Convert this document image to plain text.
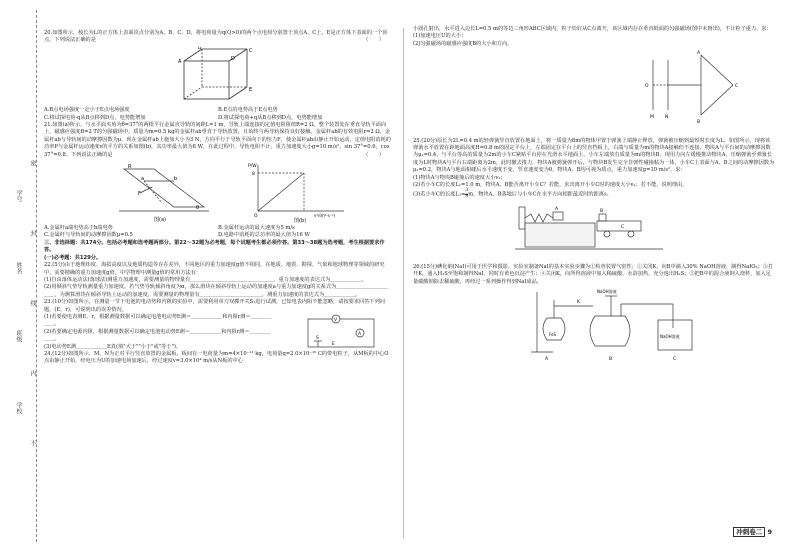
学号
姓名
班级
学校
密
封
线
内
不

20.如图所示，棱长为L的正方体上表面顶点分别为A、B、C、D，将电荷量为q(Q>0)的两个点电荷分别置于顶点A、C上，E是正方体下表面的一个顶点，下列说法正确的是	（　　）

A
B	C
D
E
A.B点电场强度一定小于E点电场强度	B.E点的电势高于E点电势
C.将试探电荷-q从B点移到D点，电势能增加	D.将试探电荷+q从B点移到D点，电势能增加

21.如图(a)所示，与水平面夹角为θ=37°的两根平行金属直导轨的间距L=1 m，导轨上端连接的定值电阻阻值R=2 Ω，整个装置处在垂直导轨平面向上、磁感应强度B=2 T的匀强磁场中。质量为m=0.5 kg的金属杆ab垂直于导轨放置，且始终与两导轨保持良好接触。金属杆ab的有效电阻r=2 Ω，金属杆ab与导轨间的动摩擦因数为μ，现在金属杆ab上施加大小为3 N，方向平行于导轨平面向下的恒力F，使金属杆ab由静止开始运动，定值电阻消耗的功率P与金属杆运动速度v的平方的关系如图(b)，其功率最大值为8 W，在此过程中，导轨电阻不计，重力加速度大小g=10 m/s²，sin 37°=0.6，cos 37°=0.8。下列说法正确的是	（　　）

F
a	b
R
θ
图(a)
P/W
8
O	v²/(m²·s⁻²)
图(b)
A.金属杆a端电势高于b端电势	B.金属杆运动的最大速度为5 m/s
C.金属杆与导轨间的动摩擦因数μ=0.5	D.电路中消耗的总功率的最大值为16 W

三、非选择题：共174分。包括必考题和选考题两部分。第22～32题为必考题，每个试题考生都必须作答。第33～38题为选考题，考生根据要求作答。

(一)必考题：共129分。

22.(5分)由于地理纬度、海拔高度以及地质构造等存在差异，不同地区的重力加速度g值不相同。在地质、地震、勘探、气象和地球物理等领域的研究中，需要精确的重力加速度g值，中学物理中测量g值的常用方法有：

(1)自由落体运动法(落球法)测重力加速度，需要测量的物理量有＿＿＿＿＿＿＿＿＿＿＿＿＿＿＿＿，重力加速度的表达式为＿＿＿＿＿＿。

(2)用倾斜气垫导轨测量重力加速度。若气垫导轨倾斜角度为α，那么滑块在倾斜导轨上运动的加速度a与重力加速度g的关系式为＿＿＿＿＿＿＿＿＿＿＿＿，为测算滑块在倾斜导轨上运动的加速度，需要测量的物理量有＿＿＿＿＿＿＿＿＿＿＿＿，测重力加速度的表达式为＿＿＿＿＿＿。

23.(10分)如图所示，在测量一节干电池的电动势和内阻的实验中，需要利用单刀双掷开关S₁进行试测，已知电表内阻不能忽略，请按要求回答下列问题。(E、r)，可说明出的误差情况。

(1)若要使电表测E、r，根据测量数据可以确定电池电动势E测＝＿＿＿＿＿＿和内阻r测＝＿＿＿＿＿＿。

(2)若要确定电源内阻，根据测量数据可以确定电池电动势E测＝＿＿＿＿＿＿和内阻r测＝＿＿＿＿＿＿。

(3)电动势E测＿＿＿＿＿＿E真(填"大于""小于"或"等于")。

V
A
S
E

24.(12分)如图所示，M、N为正对平行竖直放置的金属板，板间有一电荷量为m=4×10⁻¹¹ kg，电荷量q=2.0×10⁻¹⁰ C的带电粒子，从M板的中心O点由静止开始，经电压为U的加速电场加速后，经过速度v=3.0×10⁴ m/s从N板的中心

小圆孔射出，水平进入边长L=0.5 m的等边三角形ABC区域内，粒子恰好从C点离开，该区域内存在垂直纸面的匀强磁场(图中未画出)，不计粒子重力，求：

(1)加速电压U的大小；

(2)匀强磁场的磁感应强度B的大小和方向。

M N
O
A
B
C

25.(20分)原长为2L=0.4 m的轻弹簧竖直放置在地面上，将一质量为8m的物体甲置于弹簧上端静止释放，弹簧被压缩到最短时长度为L。如图所示，现将该弹簧水平放置在距地面高度H=0.8 m的固定平台上，左端固定在平台上的竖直挡板上，右端与质量为m的物块A接触但不连接，物块A与平台间的动摩擦因数为μ₁=0.4，与平台等高的质量为2m的小车C紧贴平台停在光滑水平地面上，小车左端放有质量为m的物块B，现用力向左缓慢推动物块A，压缩弹簧至弹簧长度为L时物块A与平台右端距离为2m，此时撤去推力，物块A被弹簧弹开后，与物块B发生完全非弹性碰撞粘为一体，小车C上表面与A、B之间的动摩擦因数为μ₂=0.2，物块A与地面相碰后水平速度不变，竖直速度变为0，物块A、B均可视为质点，重力加速度g=10 m/s²，求：

(1)物块A与物块B碰撞后的速度大小v₁；

(2)若小车C的长度L₁=1.0 m，物块A、B能否离开小车C？若能，求出离开小车C时的速度大小v₂；若不能，说明理由。

(3)若小车C的长度$L_2= \frac{3}{8}$ m，物块A、B落地后与小车C在水平方向相距最近时的距离s。

A	B
C

26.(15分)碘化钠(NaI)可用于医学和摄影。实验室制备NaI的基本实验步骤为①检查装置气密性；②关闭K，向B中滴入30% NaOH溶液，制得NaIO₃；③打开K，通入H₂S至饱和制得NaI，同时有黄色沉淀产生；④关闭K，向所得溶液中加入稀硫酸，水浴加热，充分逸出H₂S；⑤把B中的混合液倒入烧杯，加入足量碳酸钠除去稀硫酸，再经过一系列操作得到NaI成品。

A	B	C
K
FeS
NaOH溶液
NaOH溶液
冲刺卷二 9
